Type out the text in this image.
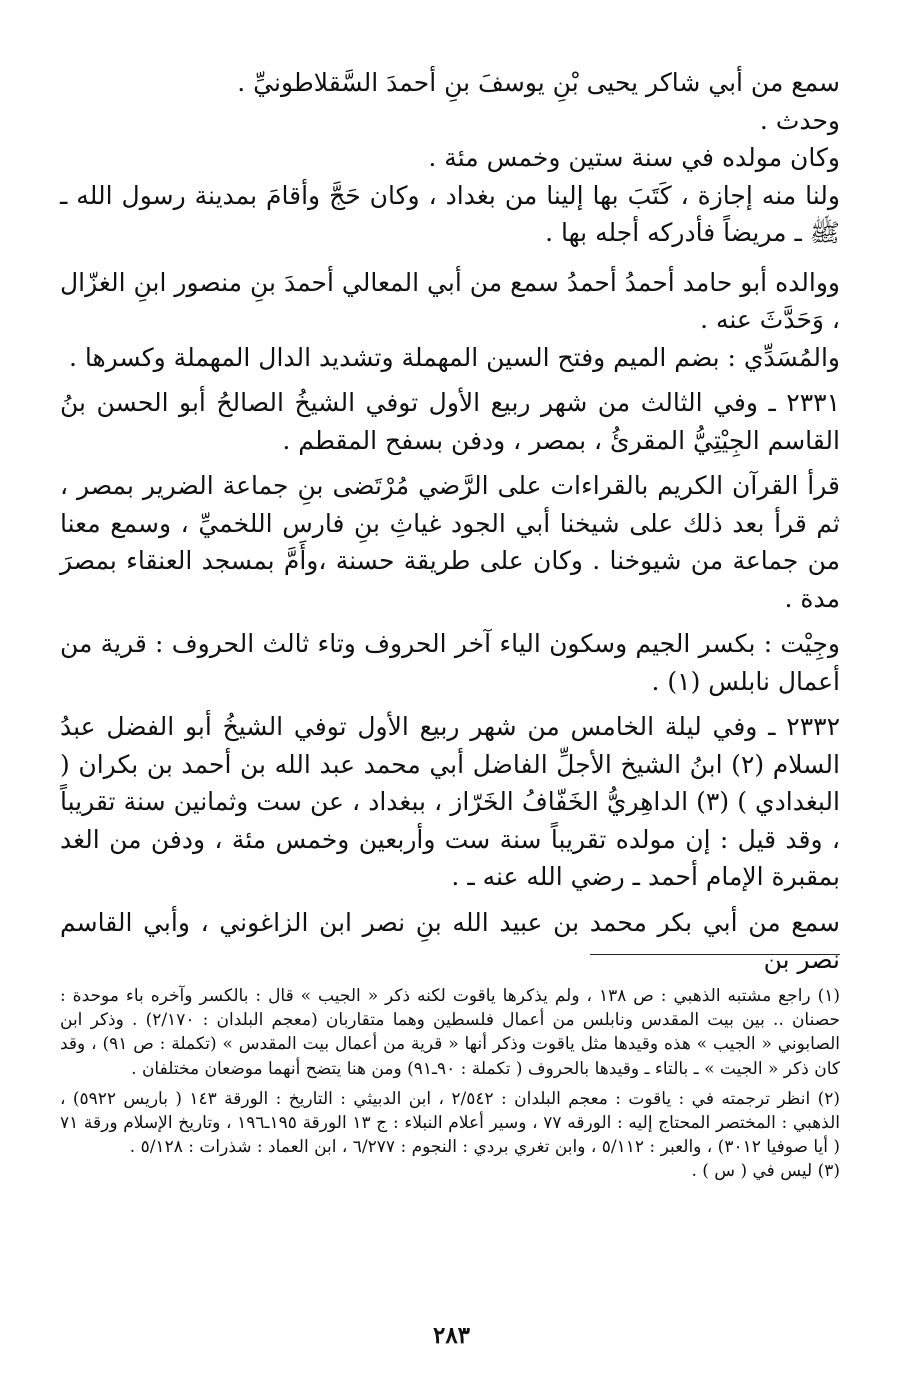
سمع من أبي شاكر يحيى بْنِ يوسفَ بنِ أحمدَ السَّقلاطونيِّ .

وحدث .

وكان مولده في سنة ستين وخمس مئة .

ولنا منه إجازة ، كَتَبَ بها إلينا من بغداد ، وكان حَجَّ وأقامَ بمدينة رسول الله ـ ﷺ ـ مريضاً فأدركه أجله بها .

ووالده أبو حامد أحمدُ أحمدُ سمع من أبي المعالي أحمدَ بنِ منصور ابنِ الغزّال ، وَحَدَّثَ عنه .

والمُسَدِّي : بضم الميم وفتح السين المهملة وتشديد الدال المهملة وكسرها .

٢٣٣١ ـ وفي الثالث من شهر ربيع الأول توفي الشيخُ الصالحُ أبو الحسن بنُ القاسم الجِيْتِيُّ المقرئُ ، بمصر ، ودفن بسفح المقطم .

قرأ القرآن الكريم بالقراءات على الرَّضي مُرْتَضى بنِ جماعة الضرير بمصر ، ثم قرأ بعد ذلك على شيخنا أبي الجود غياثِ بنِ فارس اللخميِّ ، وسمع معنا من جماعة من شيوخنا . وكان على طريقة حسنة ،وأَمَّ بمسجد العنقاء بمصرَ مدة .

وجِيْت : بكسر الجيم وسكون الياء آخر الحروف وتاء ثالث الحروف : قرية من أعمال نابلس (١) .

٢٣٣٢ ـ وفي ليلة الخامس من شهر ربيع الأول توفي الشيخُ أبو الفضل عبدُ السلام (٢) ابنُ الشيخ الأجلِّ الفاضل أبي محمد عبد الله بن أحمد بن بكران ( البغدادي ) (٣) الداهِريُّ الخَفّافُ الخَرّاز ، ببغداد ، عن ست وثمانين سنة تقريباً ، وقد قيل : إن مولده تقريباً سنة ست وأربعين وخمس مئة ، ودفن من الغد بمقبرة الإمام أحمد ـ رضي الله عنه ـ .

سمع من أبي بكر محمد بن عبيد الله بنِ نصر ابن الزاغوني ، وأبي القاسم نصر بن

(١) راجع مشتبه الذهبي : ص ١٣٨ ، ولم يذكرها ياقوت لكنه ذكر « الجيب » قال : بالكسر وآخره باء موحدة : حصنان .. بين بيت المقدس ونابلس من أعمال فلسطين وهما متقاربان (معجم البلدان : ٢/١٧٠) . وذكر ابن الصابوني « الجيب » هذه وقيدها مثل ياقوت وذكر أنها « قرية من أعمال بيت المقدس » (تكملة : ص ٩١) ، وقد كان ذكر « الجيت » ـ بالتاء ـ وقيدها بالحروف ( تكملة : ٩٠ـ٩١) ومن هنا يتضح أنهما موضعان مختلفان .

(٢) انظر ترجمته في : ياقوت : معجم البلدان : ٢/٥٤٢ ، ابن الدبيثي : التاريخ : الورقة ١٤٣ ( باريس ٥٩٢٢) ، الذهبي : المختصر المحتاج إليه : الورقه ٧٧ ، وسير أعلام النبلاء : ج ١٣ الورقة ١٩٥ـ١٩٦ ، وتاريخ الإسلام ورقة ٧١ ( أيا صوفيا ٣٠١٢) ، والعبر : ٥/١١٢ ، وابن تغري بردي : النجوم : ٦/٢٧٧ ، ابن العماد : شذرات : ٥/١٢٨ .

(٣) ليس في ( س ) .

٢٨٣
